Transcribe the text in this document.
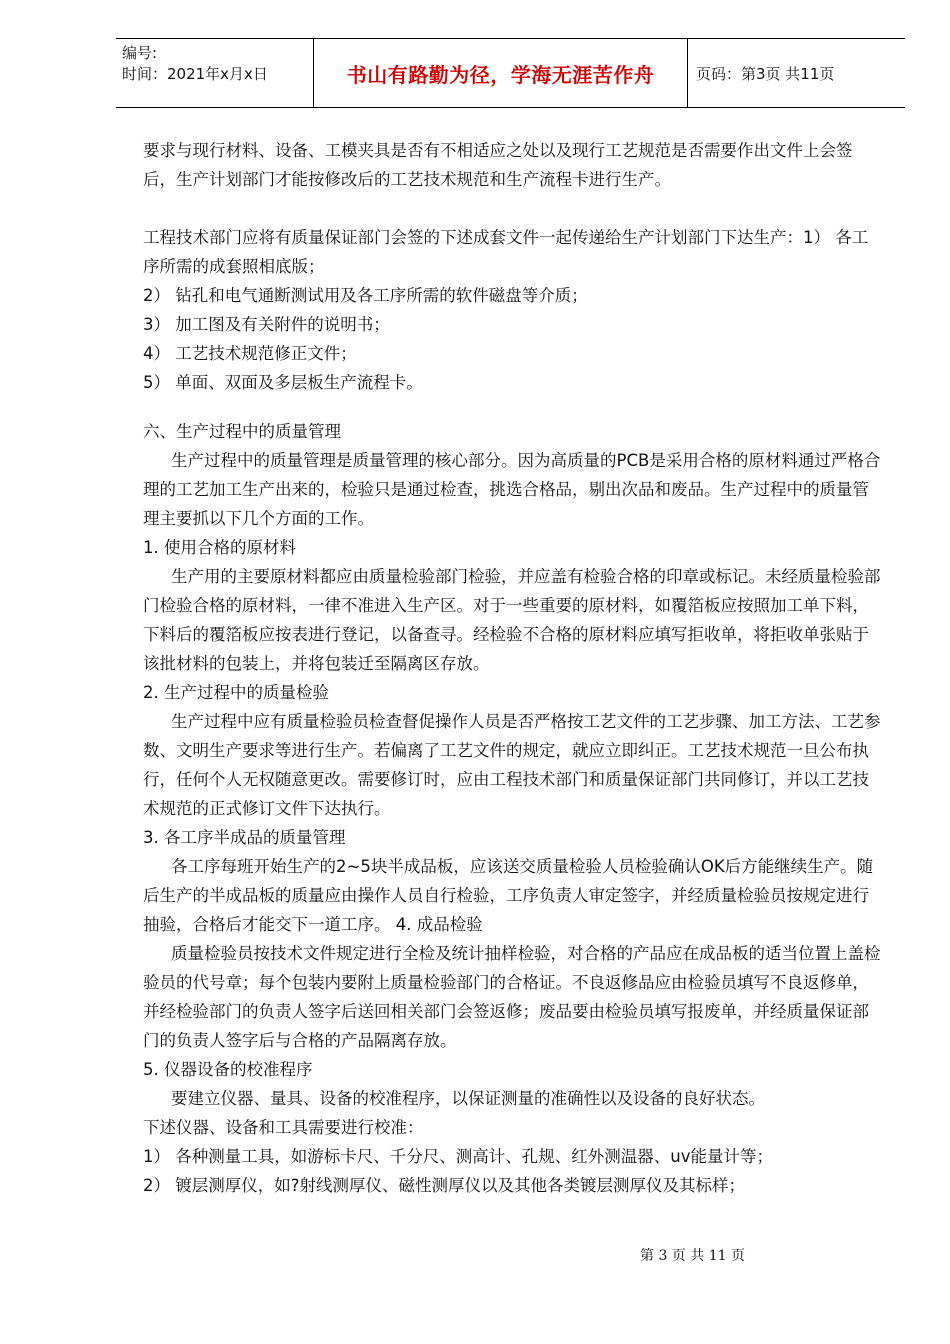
编号:
时间：2021年x月x日	书山有路勤为径，学海无涯苦作舟	页码：第3页 共11页

要求与现行材料、设备、工模夹具是否有不相适应之处以及现行工艺规范是否需要作出文件上会签后，生产计划部门才能按修改后的工艺技术规范和生产流程卡进行生产。

工程技术部门应将有质量保证部门会签的下述成套文件一起传递给生产计划部门下达生产：1） 各工序所需的成套照相底版；

2） 钻孔和电气通断测试用及各工序所需的软件磁盘等介质；

3） 加工图及有关附件的说明书；

4） 工艺技术规范修正文件；

5） 单面、双面及多层板生产流程卡。

六、生产过程中的质量管理

生产过程中的质量管理是质量管理的核心部分。因为高质量的PCB是采用合格的原材料通过严格合理的工艺加工生产出来的，检验只是通过检查，挑选合格品，剔出次品和废品。生产过程中的质量管理主要抓以下几个方面的工作。

1. 使用合格的原材料

生产用的主要原材料都应由质量检验部门检验，并应盖有检验合格的印章或标记。未经质量检验部门检验合格的原材料，一律不准进入生产区。对于一些重要的原材料，如覆箔板应按照加工单下料，下料后的覆箔板应按表进行登记，以备查寻。经检验不合格的原材料应填写拒收单，将拒收单张贴于该批材料的包装上，并将包装迁至隔离区存放。

2. 生产过程中的质量检验

生产过程中应有质量检验员检查督促操作人员是否严格按工艺文件的工艺步骤、加工方法、工艺参数、文明生产要求等进行生产。若偏离了工艺文件的规定，就应立即纠正。工艺技术规范一旦公布执行，任何个人无权随意更改。需要修订时，应由工程技术部门和质量保证部门共同修订，并以工艺技术规范的正式修订文件下达执行。

3. 各工序半成品的质量管理

各工序每班开始生产的2~5块半成品板，应该送交质量检验人员检验确认OK后方能继续生产。随后生产的半成品板的质量应由操作人员自行检验，工序负责人审定签字，并经质量检验员按规定进行抽验，合格后才能交下一道工序。 4. 成品检验

质量检验员按技术文件规定进行全检及统计抽样检验，对合格的产品应在成品板的适当位置上盖检验员的代号章；每个包装内要附上质量检验部门的合格证。不良返修品应由检验员填写不良返修单，并经检验部门的负责人签字后送回相关部门会签返修；废品要由检验员填写报废单，并经质量保证部门的负责人签字后与合格的产品隔离存放。

5. 仪器设备的校准程序

要建立仪器、量具、设备的校准程序，以保证测量的准确性以及设备的良好状态。

下述仪器、设备和工具需要进行校准：

1） 各种测量工具，如游标卡尺、千分尺、测高计、孔规、红外测温器、uv能量计等；

2） 镀层测厚仪，如?射线测厚仪、磁性测厚仪以及其他各类镀层测厚仪及其标样；

第 3 页 共 11 页
